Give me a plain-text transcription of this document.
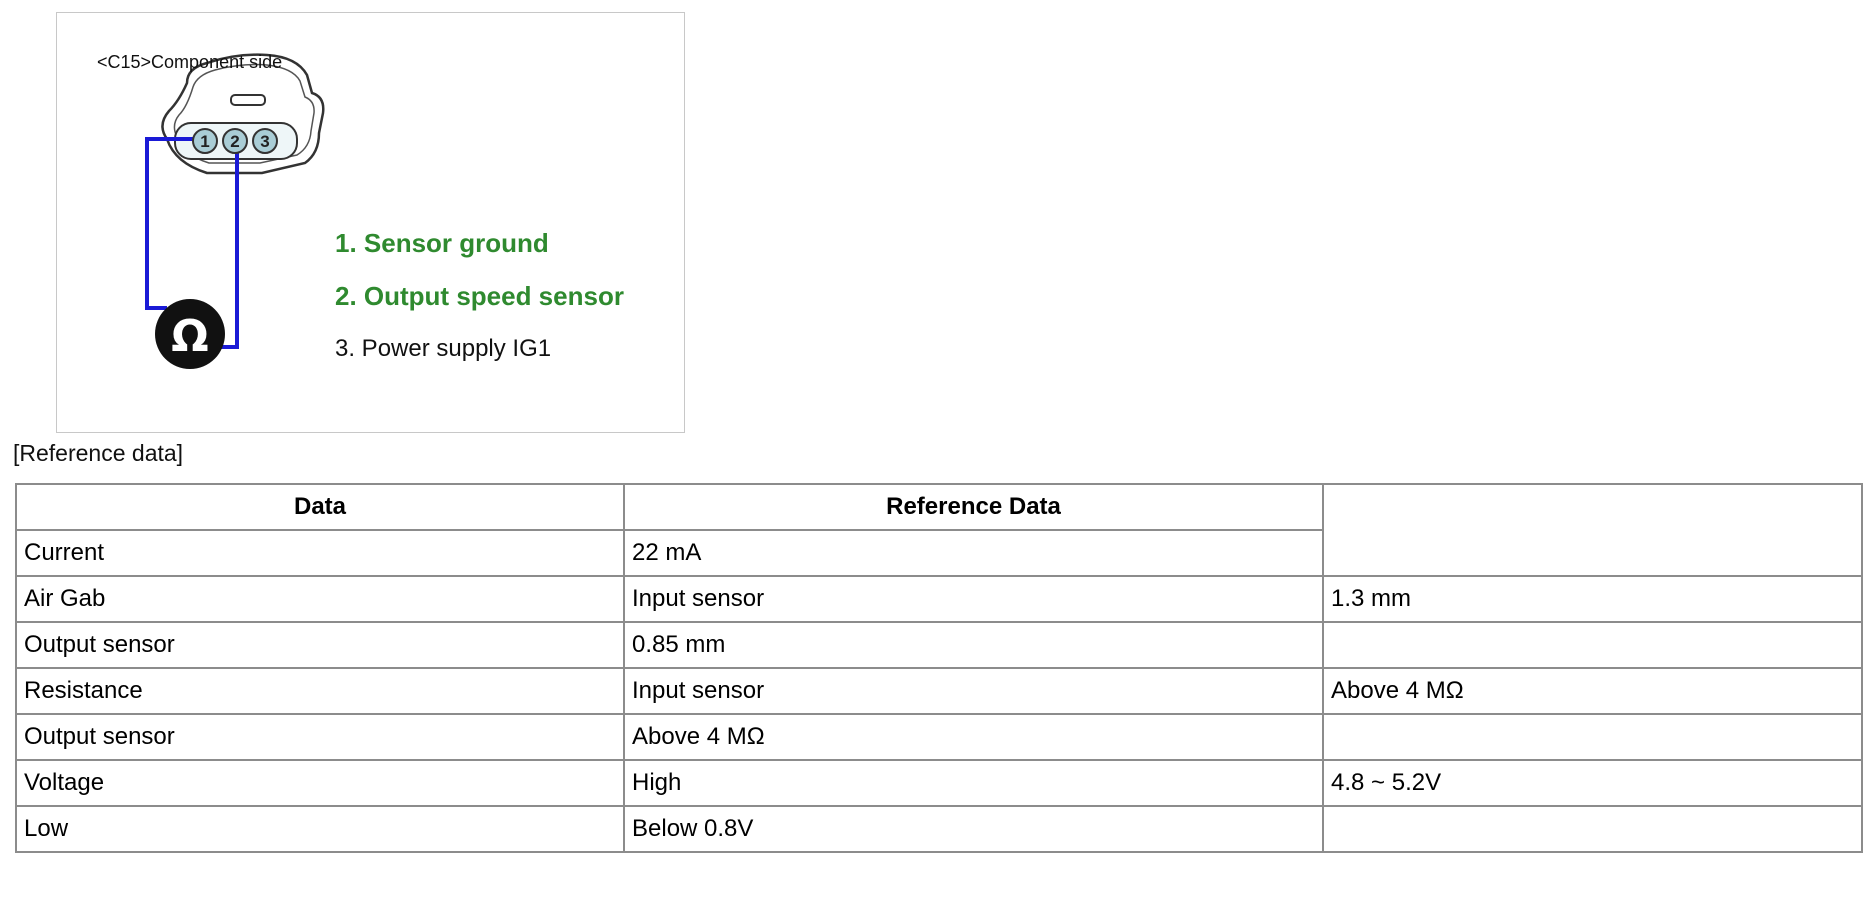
1 2 3
Ω
<C15>Component side
1. Sensor ground
2. Output speed sensor
3. Power supply IG1
[Reference data]
Data	Reference Data	
Current	22 mA	
Air Gab	Input sensor	1.3 mm
Output sensor	0.85 mm	
Resistance	Input sensor	Above 4 MΩ
Output sensor	Above 4 MΩ	
Voltage	High	4.8 ~ 5.2V
Low	Below 0.8V	
